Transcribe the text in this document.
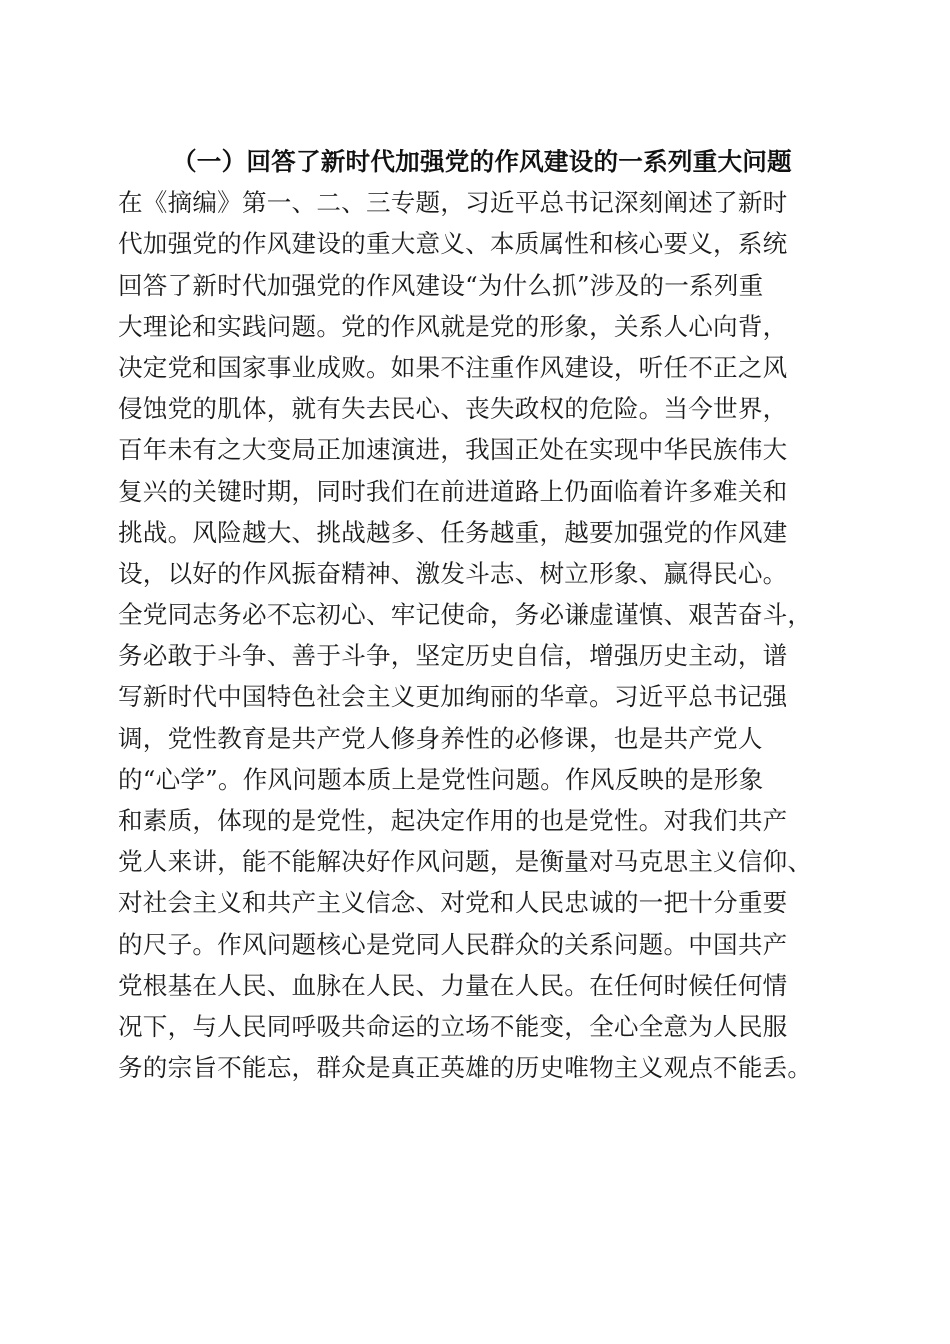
（一）回答了新时代加强党的作风建设的一系列重大问题
在《摘编》第一、二、三专题，习近平总书记深刻阐述了新时
代加强党的作风建设的重大意义、本质属性和核心要义，系统
回答了新时代加强党的作风建设“为什么抓”涉及的一系列重
大理论和实践问题。党的作风就是党的形象，关系人心向背，
决定党和国家事业成败。如果不注重作风建设，听任不正之风
侵蚀党的肌体，就有失去民心、丧失政权的危险。当今世界，
百年未有之大变局正加速演进，我国正处在实现中华民族伟大
复兴的关键时期，同时我们在前进道路上仍面临着许多难关和
挑战。风险越大、挑战越多、任务越重，越要加强党的作风建
设，以好的作风振奋精神、激发斗志、树立形象、赢得民心。
全党同志务必不忘初心、牢记使命，务必谦虚谨慎、艰苦奋斗，
务必敢于斗争、善于斗争，坚定历史自信，增强历史主动，谱
写新时代中国特色社会主义更加绚丽的华章。习近平总书记强
调，党性教育是共产党人修身养性的必修课，也是共产党人
的“心学”。作风问题本质上是党性问题。作风反映的是形象
和素质，体现的是党性，起决定作用的也是党性。对我们共产
党人来讲，能不能解决好作风问题，是衡量对马克思主义信仰、
对社会主义和共产主义信念、对党和人民忠诚的一把十分重要
的尺子。作风问题核心是党同人民群众的关系问题。中国共产
党根基在人民、血脉在人民、力量在人民。在任何时候任何情
况下，与人民同呼吸共命运的立场不能变，全心全意为人民服
务的宗旨不能忘，群众是真正英雄的历史唯物主义观点不能丢。
